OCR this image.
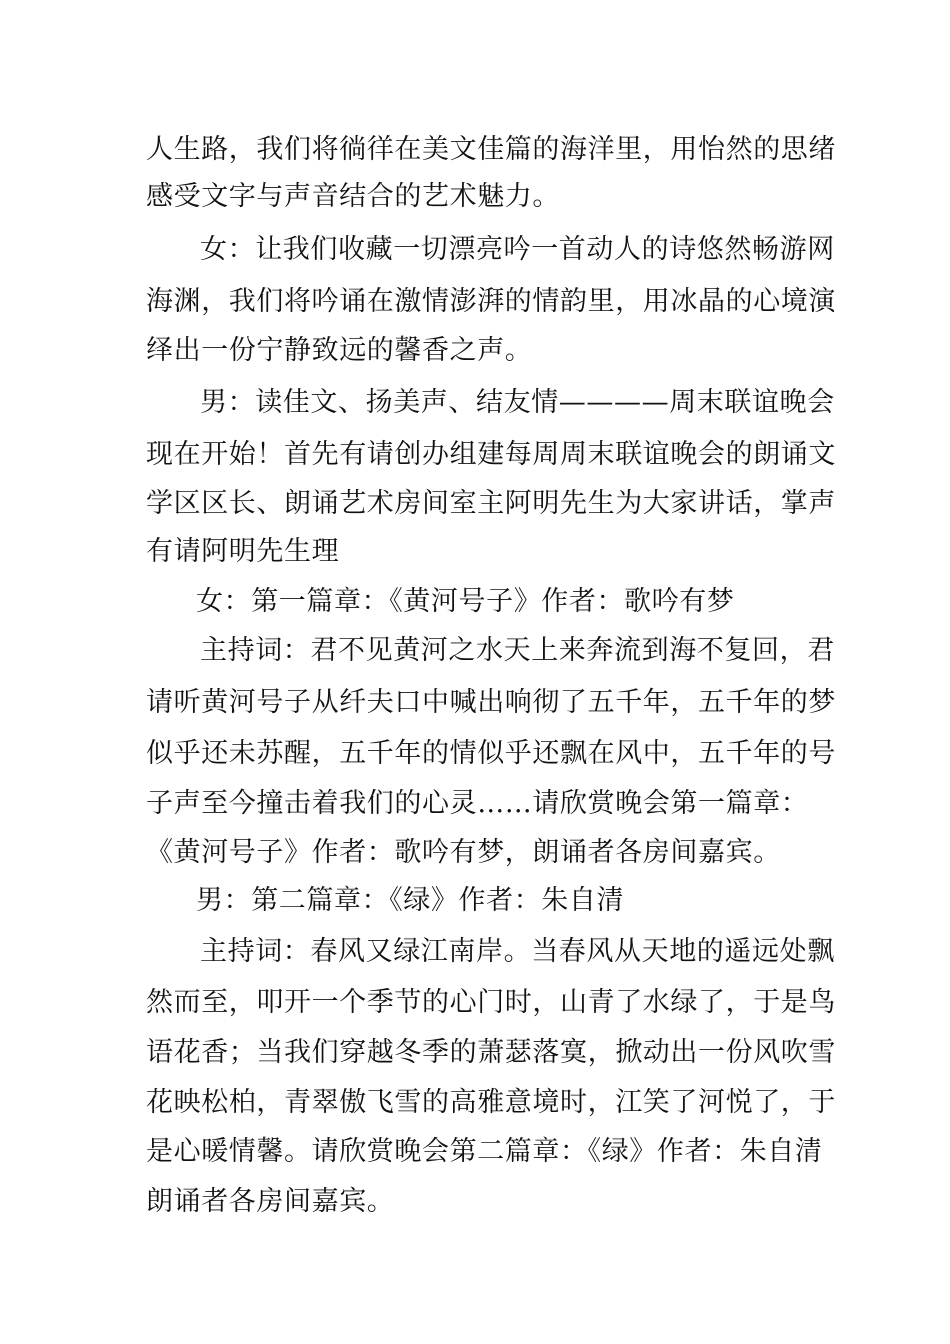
人生路，我们将徜徉在美文佳篇的海洋里，用怡然的思绪
感受文字与声音结合的艺术魅力。
女：让我们收藏一切漂亮吟一首动人的诗悠然畅游网
海渊，我们将吟诵在激情澎湃的情韵里，用冰晶的心境演
绎出一份宁静致远的馨香之声。
男：读佳文、扬美声、结友情————周末联谊晚会
现在开始！首先有请创办组建每周周末联谊晚会的朗诵文
学区区长、朗诵艺术房间室主阿明先生为大家讲话，掌声
有请阿明先生理
女：第一篇章：《黄河号子》作者：歌吟有梦
主持词：君不见黄河之水天上来奔流到海不复回，君
请听黄河号子从纤夫口中喊出响彻了五千年，五千年的梦
似乎还未苏醒，五千年的情似乎还飘在风中，五千年的号
子声至今撞击着我们的心灵……请欣赏晚会第一篇章：
《黄河号子》作者：歌吟有梦，朗诵者各房间嘉宾。
男：第二篇章：《绿》作者：朱自清
主持词：春风又绿江南岸。当春风从天地的遥远处飘
然而至，叩开一个季节的心门时，山青了水绿了，于是鸟
语花香；当我们穿越冬季的萧瑟落寞，掀动出一份风吹雪
花映松柏，青翠傲飞雪的高雅意境时，江笑了河悦了，于
是心暖情馨。请欣赏晚会第二篇章：《绿》作者：朱自清
朗诵者各房间嘉宾。
